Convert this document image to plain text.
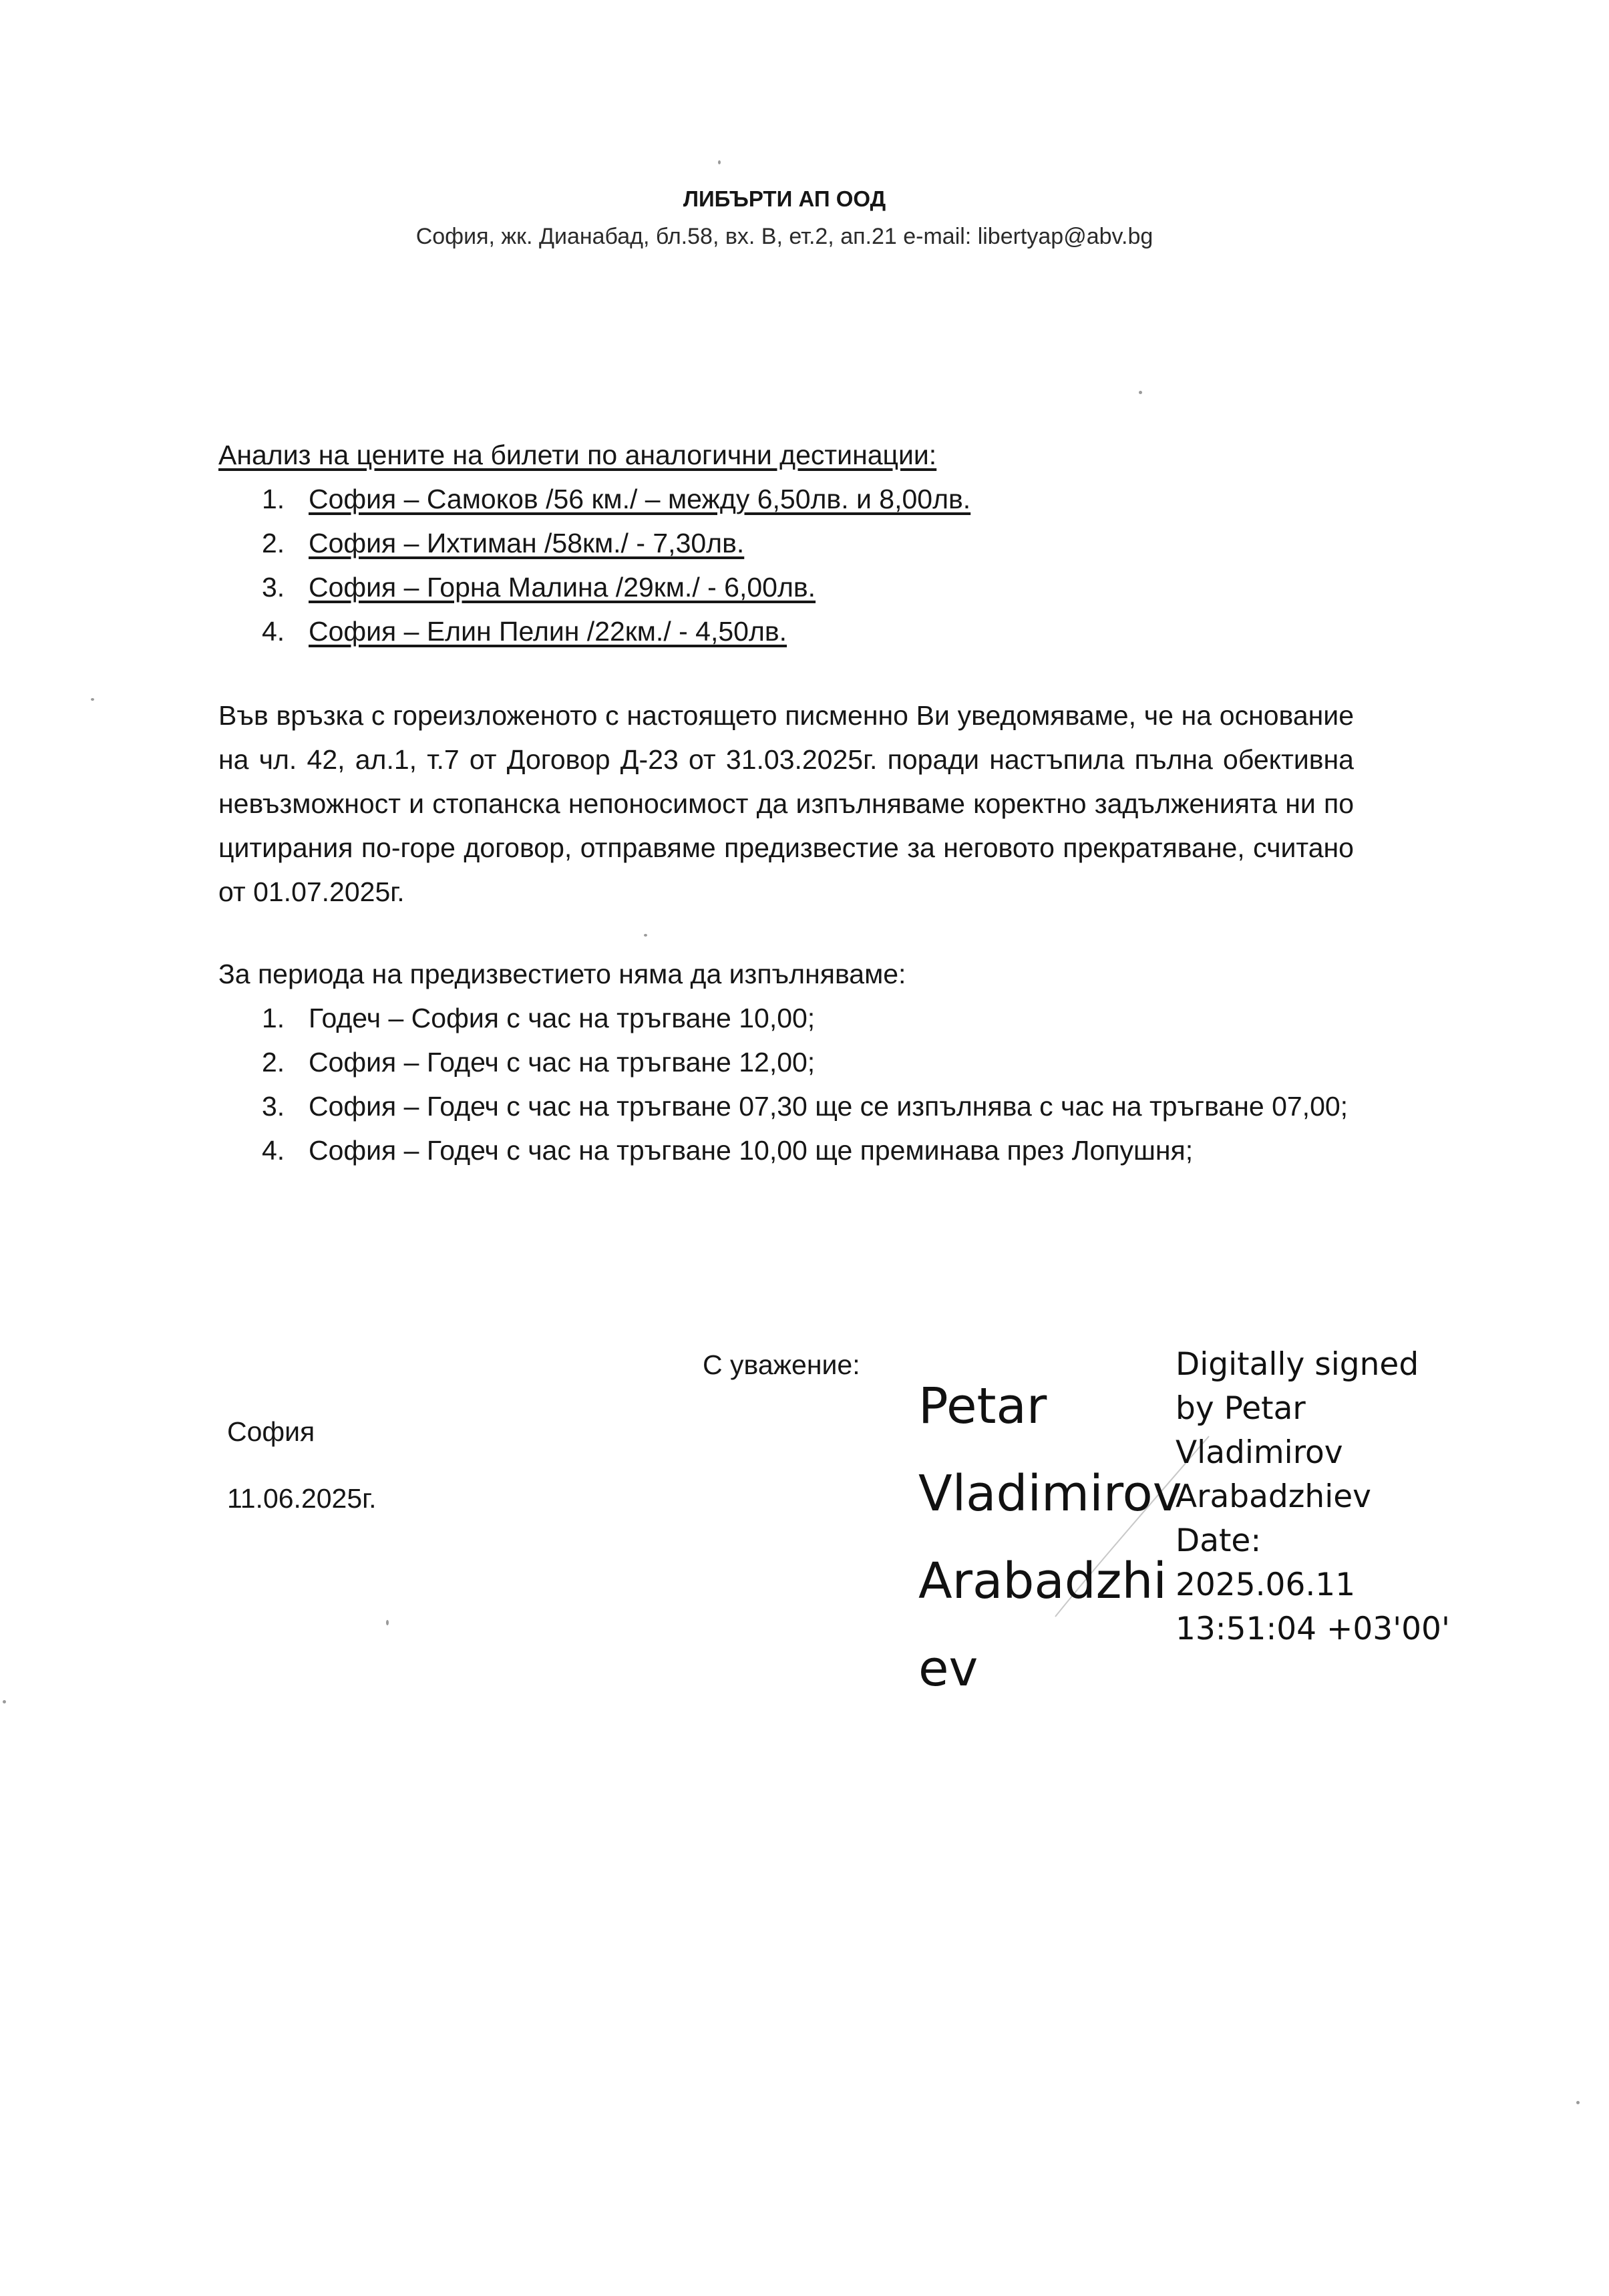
ЛИБЪРТИ АП ООД
София, жк. Дианабад, бл.58, вх. В, ет.2, ап.21 e-mail: libertyap@abv.bg
Анализ на цените на билети по аналогични дестинации:
1. София – Самоков /56 км./ – между 6,50лв. и 8,00лв.
2. София – Ихтиман /58км./ - 7,30лв.
3. София – Горна Малина /29км./ - 6,00лв.
4. София – Елин Пелин /22км./ - 4,50лв.
Във връзка с гореизложеното с настоящето писменно Ви уведомяваме, че на основание на чл. 42, ал.1, т.7 от Договор Д-23 от 31.03.2025г. поради настъпила пълна обективна невъзможност и стопанска непоносимост да изпълняваме коректно задълженията ни по цитирания по-горе договор, отправяме предизвестие за неговото прекратяване, считано от 01.07.2025г.
За периода на предизвестието няма да изпълняваме:
1. Годеч – София с час на тръгване 10,00;
2. София – Годеч с час на тръгване 12,00;
3. София – Годеч с час на тръгване 07,30 ще се изпълнява с час на тръгване 07,00;
4. София – Годеч с час на тръгване 10,00 ще преминава през Лопушня;
С уважение:
София
11.06.2025г.
Petar
Vladimirov
Arabadzhi
ev
Digitally signed
by Petar
Vladimirov
Arabadzhiev
Date:
2025.06.11
13:51:04 +03'00'
